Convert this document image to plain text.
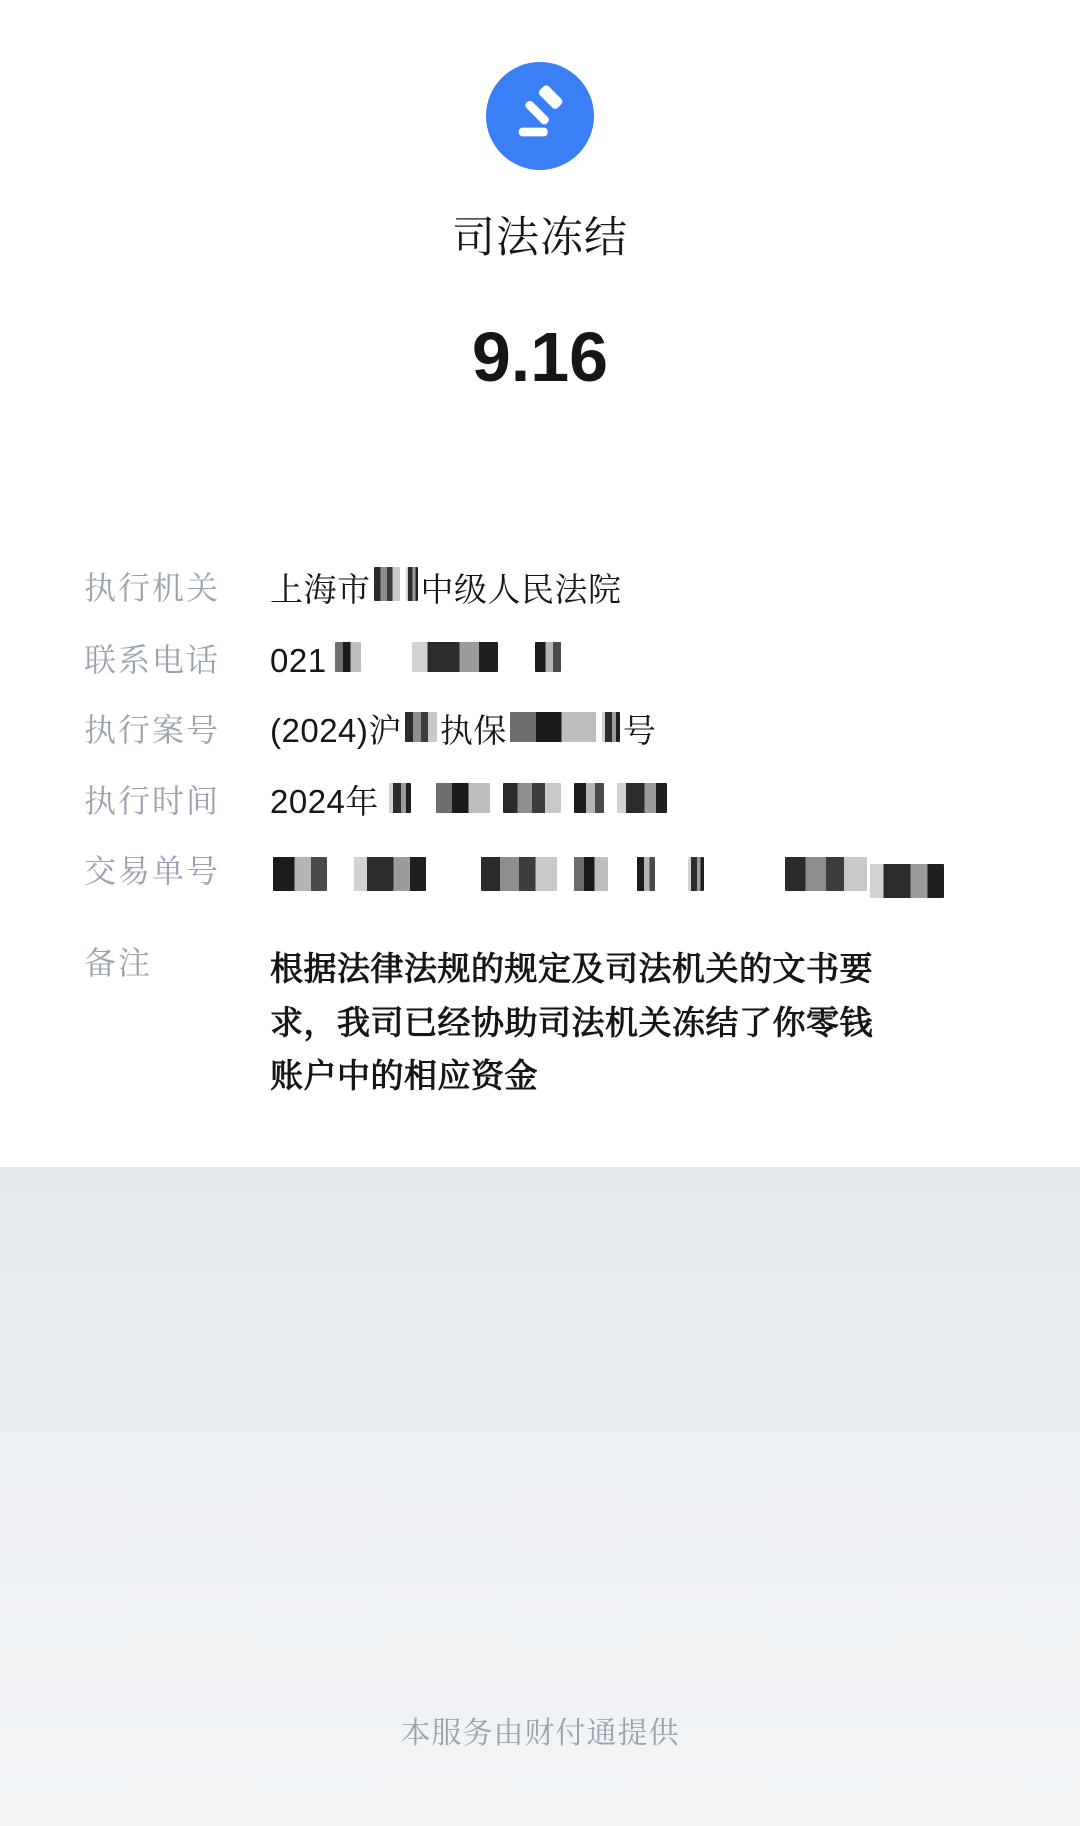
司法冻结
9.16
执行机关	上海市 中级人民法院
联系电话	021
执行案号	(2024)沪 执保	号
执行时间	2024年
交易单号
备注	根据法律法规的规定及司法机关的文书要求，我司已经协助司法机关冻结了你零钱账户中的相应资金
本服务由财付通提供
